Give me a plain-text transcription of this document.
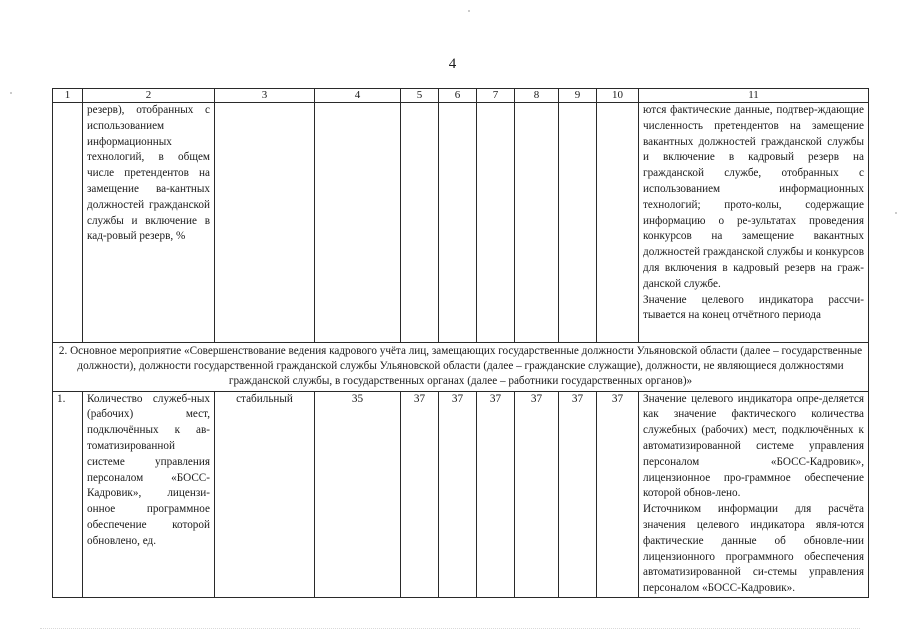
4
1	2	3	4	5	6	7	8	9	10	11
	резерв), отобранных с использованием информационных технологий, в общем числе претендентов на замещение ва-кантных должностей гражданской службы и включение в кад-ровый резерв, %									ются фактические данные, подтвер-ждающие численность претендентов на замещение вакантных должностей гражданской службы и включение в кадровый резерв на гражданской службе, отобранных с использованием информационных технологий; прото-колы, содержащие информацию о ре-зультатах проведения конкурсов на замещение вакантных должностей гражданской службы и конкурсов для включения в кадровый резерв на граж-данской службе.
Значение целевого индикатора рассчи-тывается на конец отчётного периода

2. Основное мероприятие «Совершенствование ведения кадрового учёта лиц, замещающих государственные должности Ульяновской области (далее – государственные должности), должности государственной гражданской службы Ульяновской области (далее – гражданские служащие), должности, не являющиеся должностями гражданской службы, в государственных органах (далее – работники государственных органов)»										
1.	Количество служеб-ных (рабочих) мест, подключённых к ав-томатизированной системе управления персоналом «БОСС-Кадровик», лицензи-онное программное обеспечение которой обновлено, ед.	стабильный	35	37	37	37	37	37	37	Значение целевого индикатора опре-деляется как значение фактического количества служебных (рабочих) мест, подключённых к автоматизированной системе управления персоналом «БОСС-Кадровик», лицензионное про-граммное обеспечение которой обнов-лено.
Источником информации для расчёта значения целевого индикатора явля-ются фактические данные об обновле-нии лицензионного программного обеспечения автоматизированной си-стемы управления персоналом «БОСС-Кадровик».
